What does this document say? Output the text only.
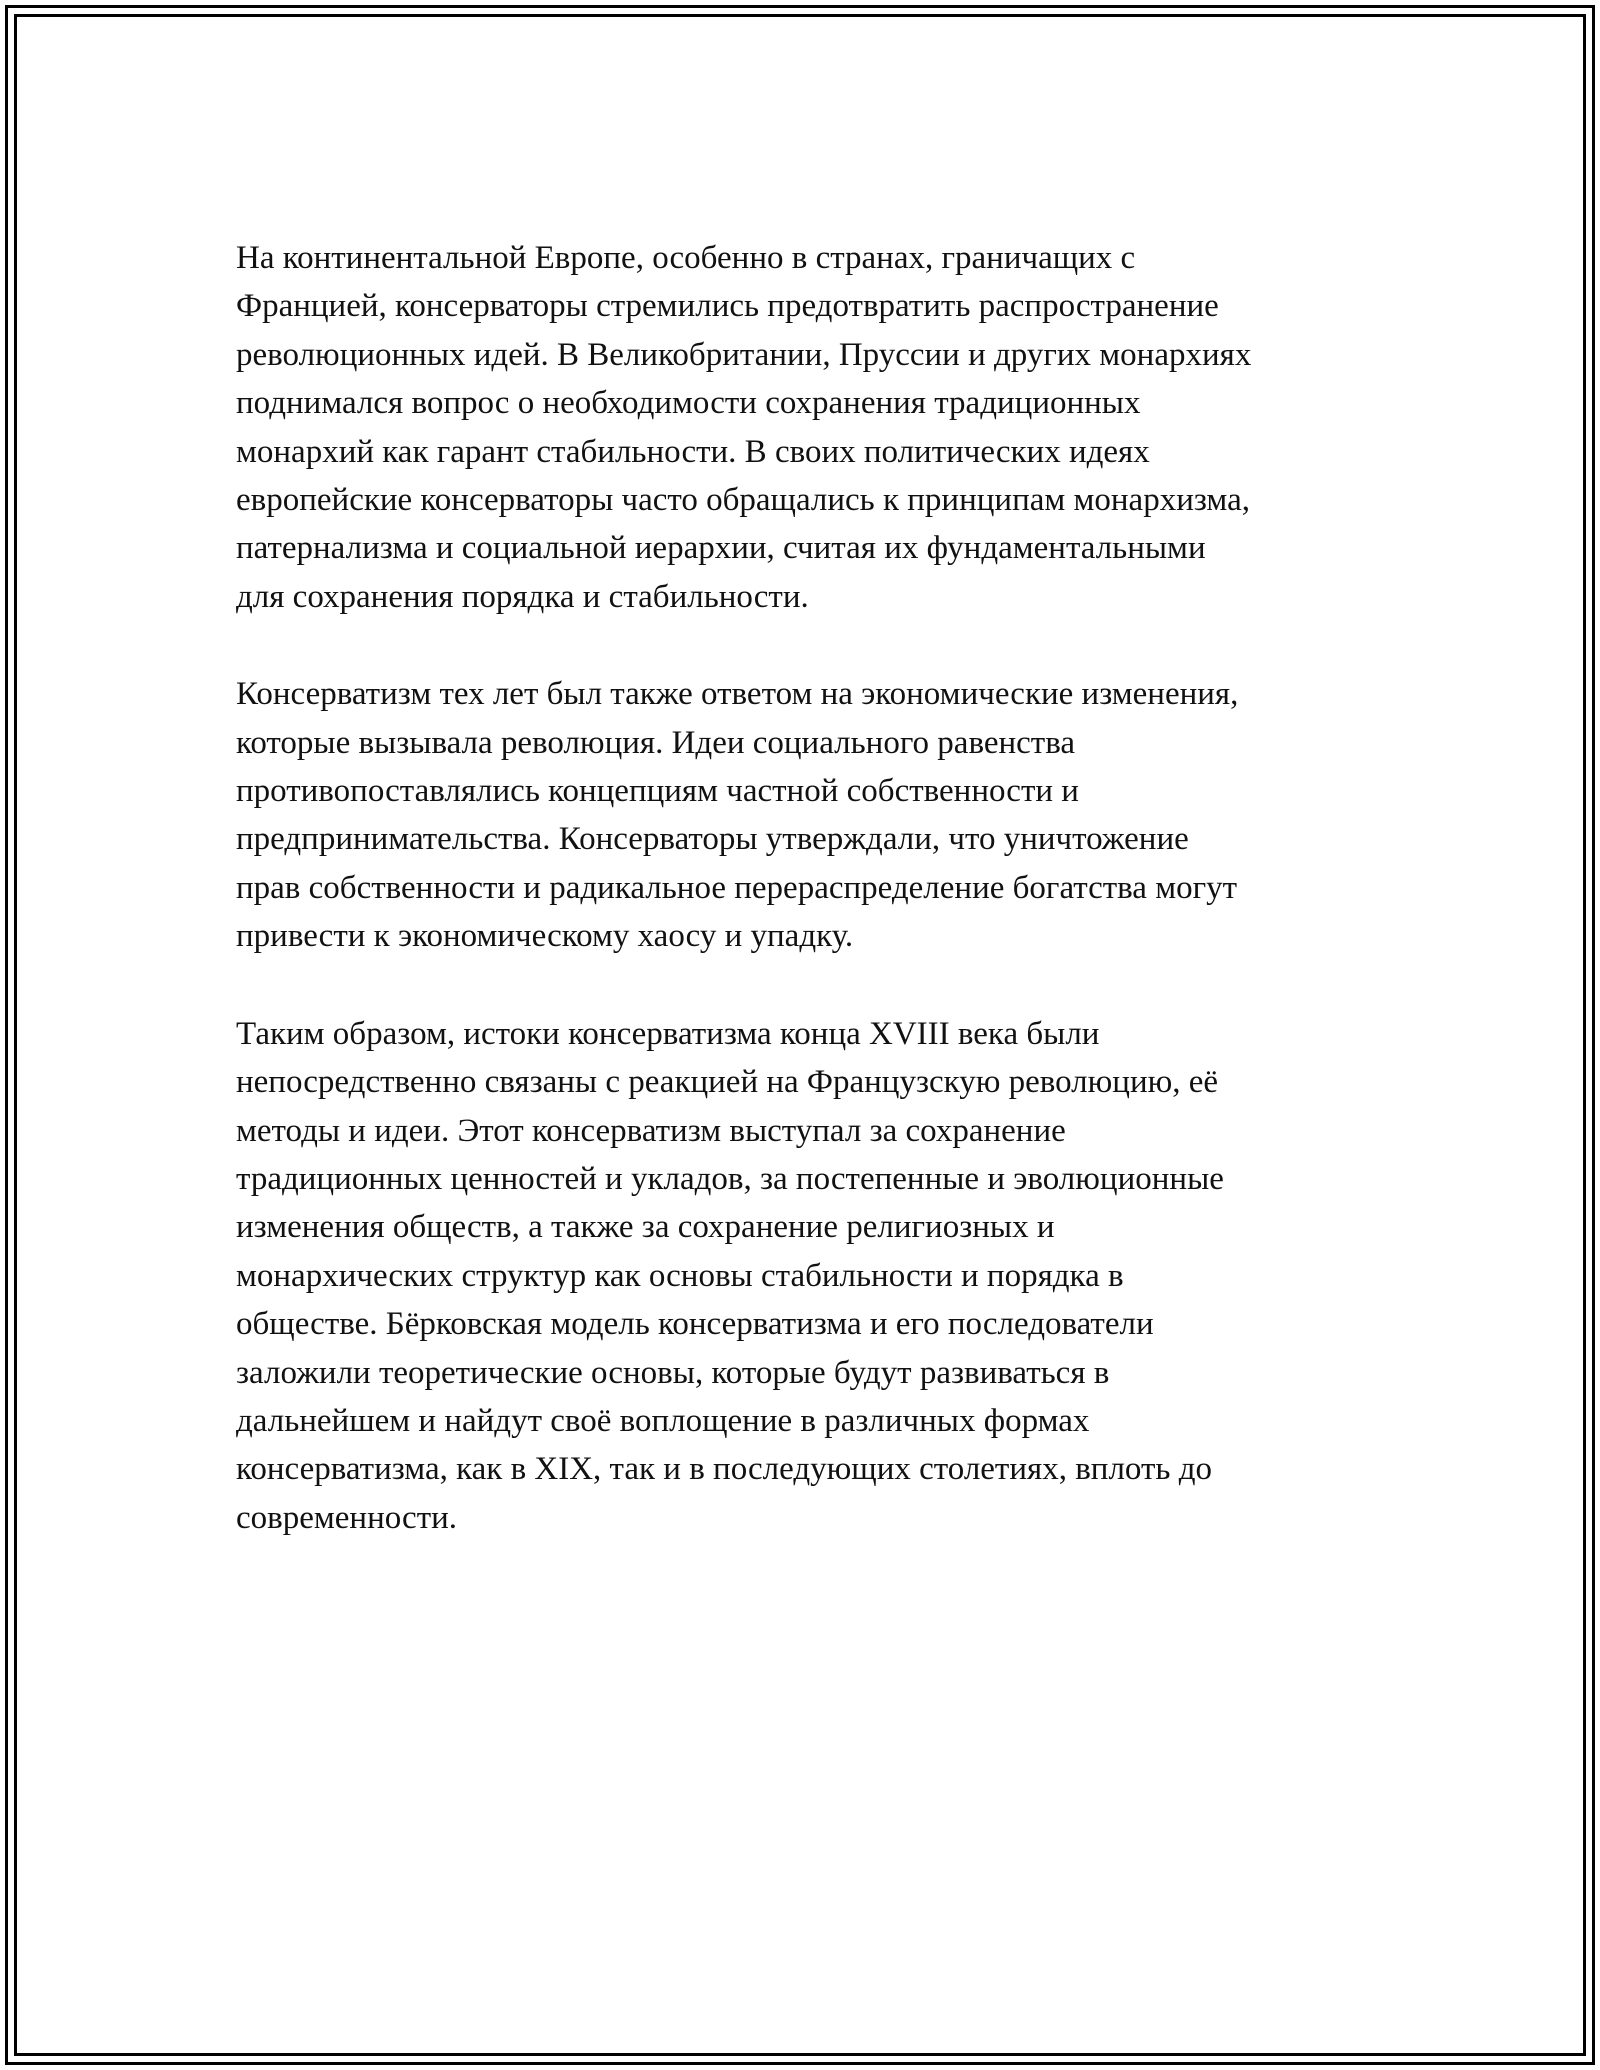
На континентальной Европе, особенно в странах, граничащих с
Францией, консерваторы стремились предотвратить распространение
революционных идей. В Великобритании, Пруссии и других монархиях
поднимался вопрос о необходимости сохранения традиционных
монархий как гарант стабильности. В своих политических идеях
европейские консерваторы часто обращались к принципам монархизма,
патернализма и социальной иерархии, считая их фундаментальными
для сохранения порядка и стабильности.

Консерватизм тех лет был также ответом на экономические изменения,
которые вызывала революция. Идеи социального равенства
противопоставлялись концепциям частной собственности и
предпринимательства. Консерваторы утверждали, что уничтожение
прав собственности и радикальное перераспределение богатства могут
привести к экономическому хаосу и упадку.

Таким образом, истоки консерватизма конца XVIII века были
непосредственно связаны с реакцией на Французскую революцию, её
методы и идеи. Этот консерватизм выступал за сохранение
традиционных ценностей и укладов, за постепенные и эволюционные
изменения обществ, а также за сохранение религиозных и
монархических структур как основы стабильности и порядка в
обществе. Бёрковская модель консерватизма и его последователи
заложили теоретические основы, которые будут развиваться в
дальнейшем и найдут своё воплощение в различных формах
консерватизма, как в XIX, так и в последующих столетиях, вплоть до
современности.
